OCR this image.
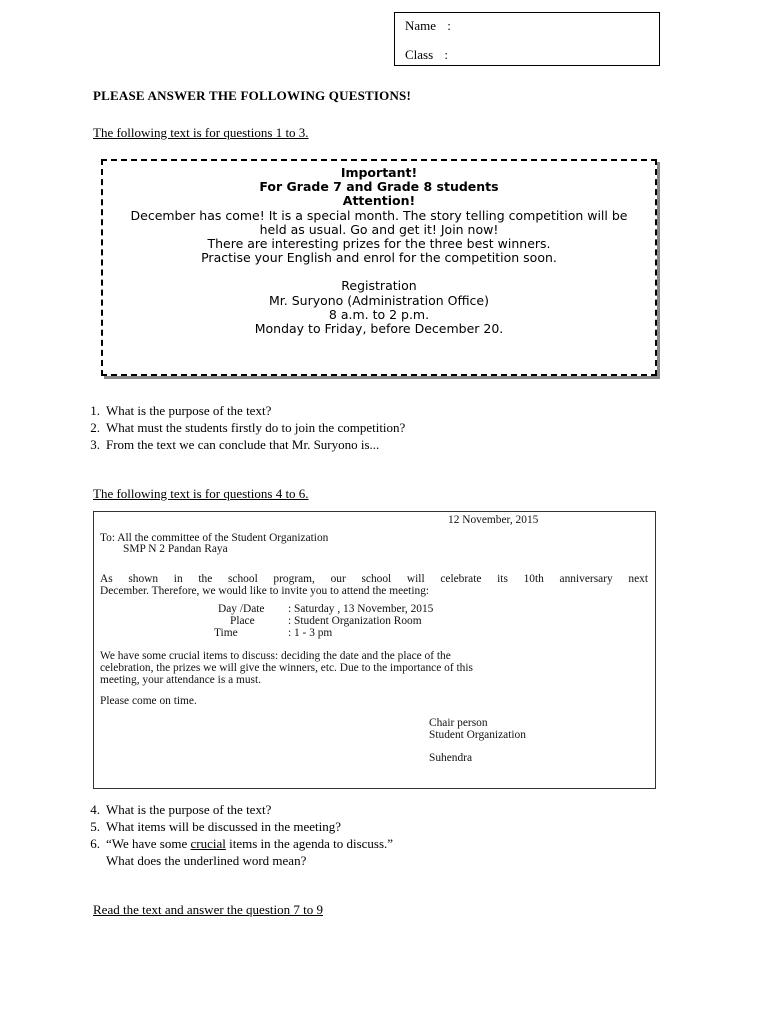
Name :
Class :
PLEASE ANSWER THE FOLLOWING QUESTIONS!
The following text is for questions 1 to 3.
Important!
For Grade 7 and Grade 8 students
Attention!
December has come! It is a special month. The story telling competition will be
held as usual. Go and get it! Join now!
There are interesting prizes for the three best winners.
Practise your English and enrol for the competition soon.
Registration
Mr. Suryono (Administration Office)
8 a.m. to 2 p.m.
Monday to Friday, before December 20.
1. What is the purpose of the text?
2. What must the students firstly do to join the competition?
3. From the text we can conclude that Mr. Suryono is...
The following text is for questions 4 to 6.
12 November, 2015
To: All the committee of the Student Organization
SMP N 2 Pandan Raya
As shown in the school program, our school will celebrate its 10th anniversary next
December. Therefore, we would like to invite you to attend the meeting:
Day /Date : Saturday , 13 November, 2015
Place	: Student Organization Room
Time	: 1 - 3 pm
We have some crucial items to discuss: deciding the date and the place of the
celebration, the prizes we will give the winners, etc. Due to the importance of this
meeting, your attendance is a must.
Please come on time.
Chair person
Student Organization
Suhendra
4. What is the purpose of the text?
5. What items will be discussed in the meeting?
6. “We have some crucial items in the agenda to discuss.”
What does the underlined word mean?
Read the text and answer the question 7 to 9
